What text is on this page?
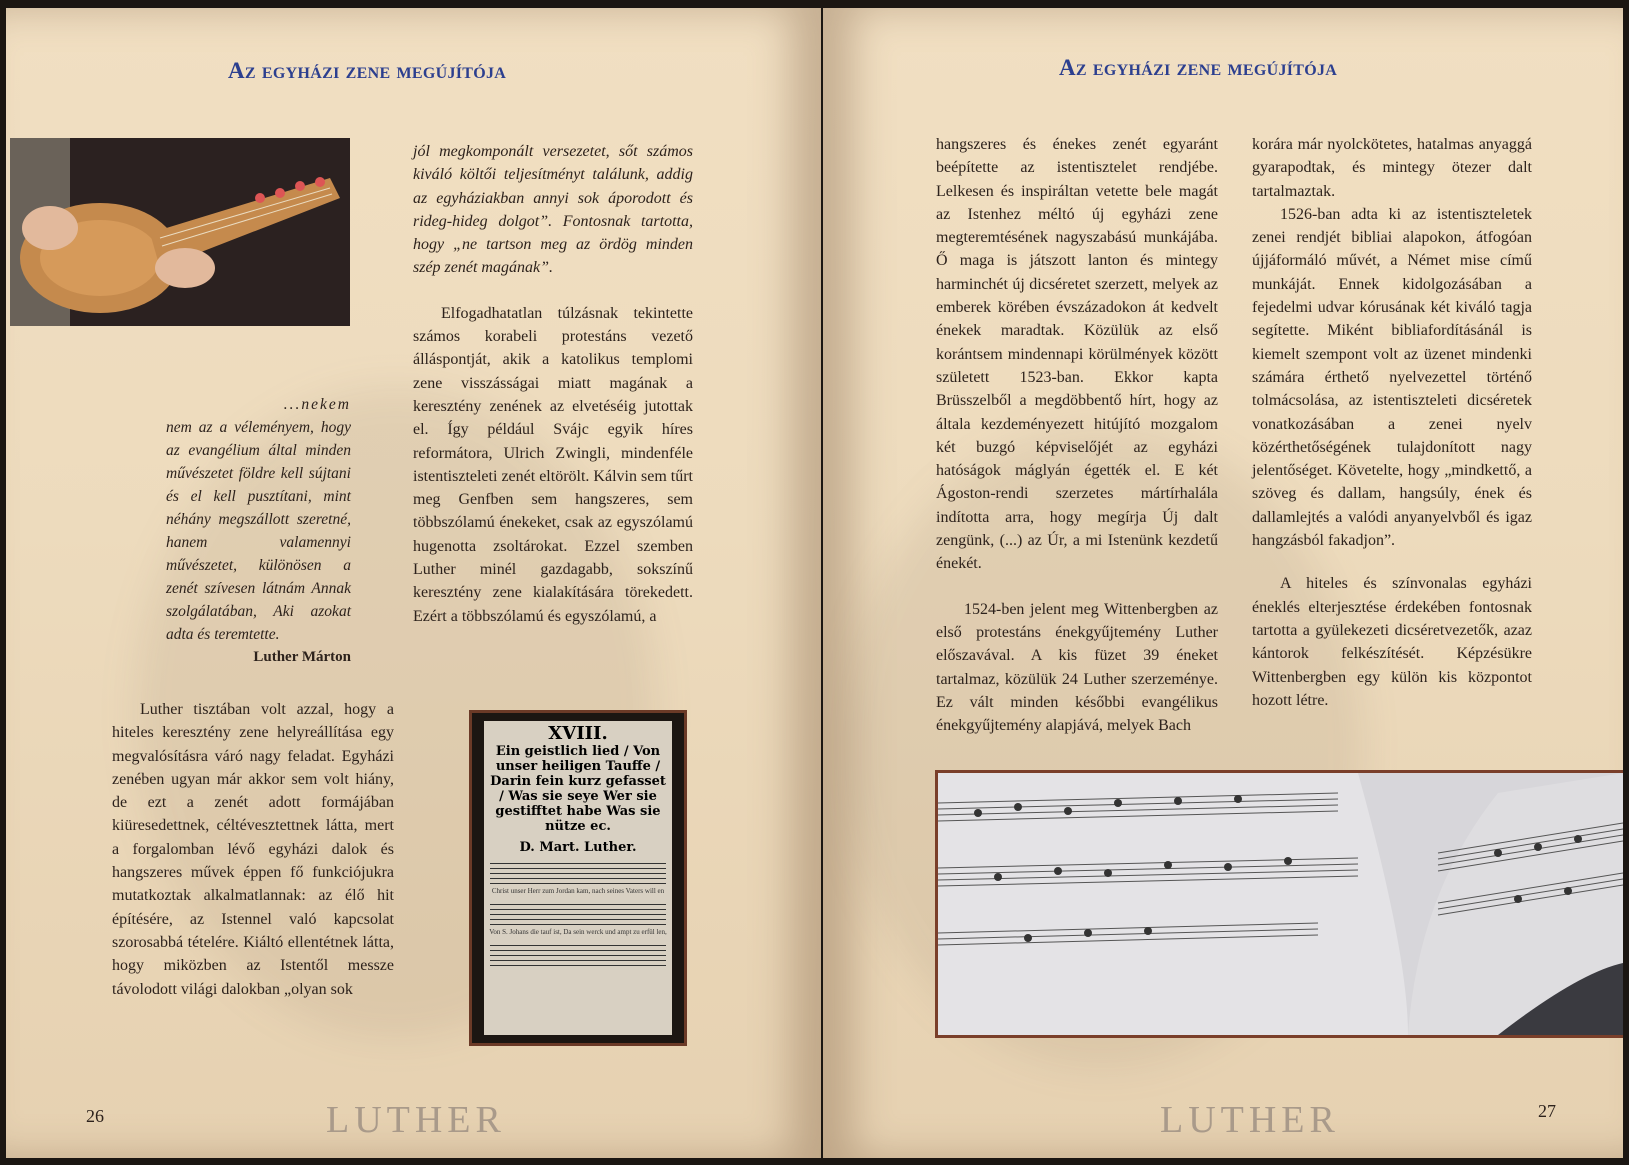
Az egyházi zene megújítója
...nekem
nem az a véleményem, hogy az evangélium által minden művészetet földre kell sújtani és el kell pusztítani, mint néhány megszállott szeretné, hanem valamennyi művészetet, különösen a zenét szívesen látnám Annak szolgálatában, Aki azokat adta és teremtette.
Luther Márton

jól megkomponált versezetet, sőt számos kiváló költői teljesítményt találunk, addig az egyháziakban annyi sok áporodott és rideg-hideg dolgot”. Fontosnak tartotta, hogy „ne tartson meg az ördög minden szép zenét magának”.

Elfogadhatatlan túlzásnak tekintette számos korabeli protestáns vezető álláspontját, akik a katolikus templomi zene visszásságai miatt magának a keresztény zenének az elvetéséig jutottak el. Így például Svájc egyik híres reformátora, Ulrich Zwingli, mindenféle istentiszteleti zenét eltörölt. Kálvin sem tűrt meg Genfben sem hangszeres, sem többszólamú énekeket, csak az egyszólamú hugenotta zsoltárokat. Ezzel szemben Luther minél gazdagabb, sokszínű keresztény zene kialakítására törekedett. Ezért a többszólamú és egyszólamú, a

Luther tisztában volt azzal, hogy a hiteles keresztény zene helyreállítása egy megvalósításra váró nagy feladat. Egyházi zenében ugyan már akkor sem volt hiány, de ezt a zenét adott formájában kiüresedettnek, céltévesztettnek látta, mert a forgalomban lévő egyházi dalok és hangszeres művek éppen fő funkciójukra mutatkoztak alkalmatlannak: az élő hit építésére, az Istennel való kapcsolat szorosabbá tételére. Kiáltó ellentétnek látta, hogy miközben az Istentől messze távolodott világi dalokban „olyan sok

XVIII.
Ein geistlich lied / Von unser heiligen Tauffe / Darin fein kurz gefasset / Was sie seye Wer sie gestifftet habe Was sie nütze ec.
D. Mart. Luther.
Christ unser Herr zum Jordan kam, nach seines Vaters will en
Von S. Johans die tauf ist, Da sein werck und ampt zu erfül len,
26	LUTHER
Az egyházi zene megújítója

hangszeres és énekes zenét egyaránt beépítette az istentisztelet rendjébe. Lelkesen és inspiráltan vetette bele magát az Istenhez méltó új egyházi zene megteremtésének nagyszabású munkájába. Ő maga is játszott lanton és mintegy harminchét új dicséretet szerzett, melyek az emberek körében évszázadokon át kedvelt énekek maradtak. Közülük az első korántsem mindennapi körülmények között született 1523-ban. Ekkor kapta Brüsszelből a megdöbbentő hírt, hogy az általa kezdeményezett hitújító mozgalom két buzgó képviselőjét az egyházi hatóságok máglyán égették el. E két Ágoston-rendi szerzetes mártírhalála indította arra, hogy megírja Új dalt zengünk, (...) az Úr, a mi Istenünk kezdetű énekét.

1524-ben jelent meg Wittenbergben az első protestáns énekgyűjtemény Luther előszavával. A kis füzet 39 éneket tartalmaz, közülük 24 Luther szerzeménye. Ez vált minden későbbi evangélikus énekgyűjtemény alapjává, melyek Bach

korára már nyolckötetes, hatalmas anyaggá gyarapodtak, és mintegy ötezer dalt tartalmaztak.

1526-ban adta ki az istentiszteletek zenei rendjét bibliai alapokon, átfogóan újjáformáló művét, a Német mise című munkáját. Ennek kidolgozásában a fejedelmi udvar kórusának két kiváló tagja segítette. Miként bibliafordításánál is kiemelt szempont volt az üzenet mindenki számára érthető nyelvezettel történő tolmácsolása, az istentiszteleti dicséretek vonatkozásában a zenei nyelv közérthetőségének tulajdonított nagy jelentőséget. Követelte, hogy „mindkettő, a szöveg és dallam, hangsúly, ének és dallamlejtés a valódi anyanyelvből és igaz hangzásból fakadjon”.

A hiteles és színvonalas egyházi éneklés elterjesztése érdekében fontosnak tartotta a gyülekezeti dicséretvezetők, azaz kántorok felkészítését. Képzésükre Wittenbergben egy külön kis központot hozott létre.

27
LUTHER
